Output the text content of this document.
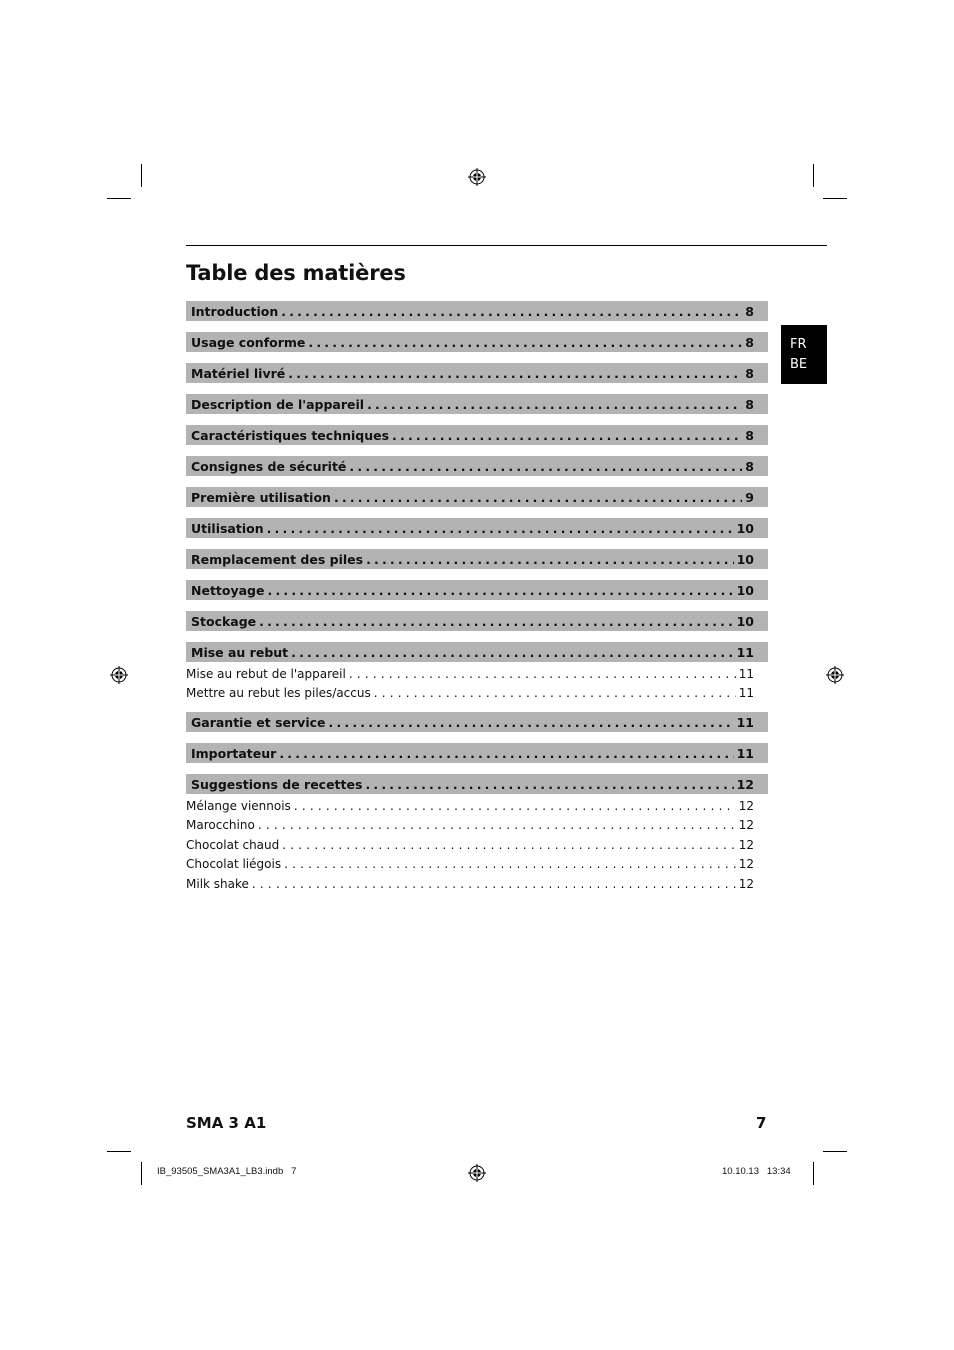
Table des matières
FR
BE
Introduction .....	8
Usage conforme .....	8
Matériel livré .....	8
Description de l'appareil .....	8
Caractéristiques techniques .....	8
Consignes de sécurité .....	8
Première utilisation .....	9
Utilisation .....	10
Remplacement des piles .....	10
Nettoyage .....	10
Stockage .....	10
Mise au rebut .....	11
Mise au rebut de l'appareil .....	11
Mettre au rebut les piles/accus .....	11
Garantie et service .....	11
Importateur .....	11
Suggestions de recettes .....	12
Mélange viennois .....	12
Marocchino .....	12
Chocolat chaud .....	12
Chocolat liégois .....	12
Milk shake .....	12
SMA 3 A1	7
IB_93505_SMA3A1_LB3.indb   7	10.10.13   13:34
